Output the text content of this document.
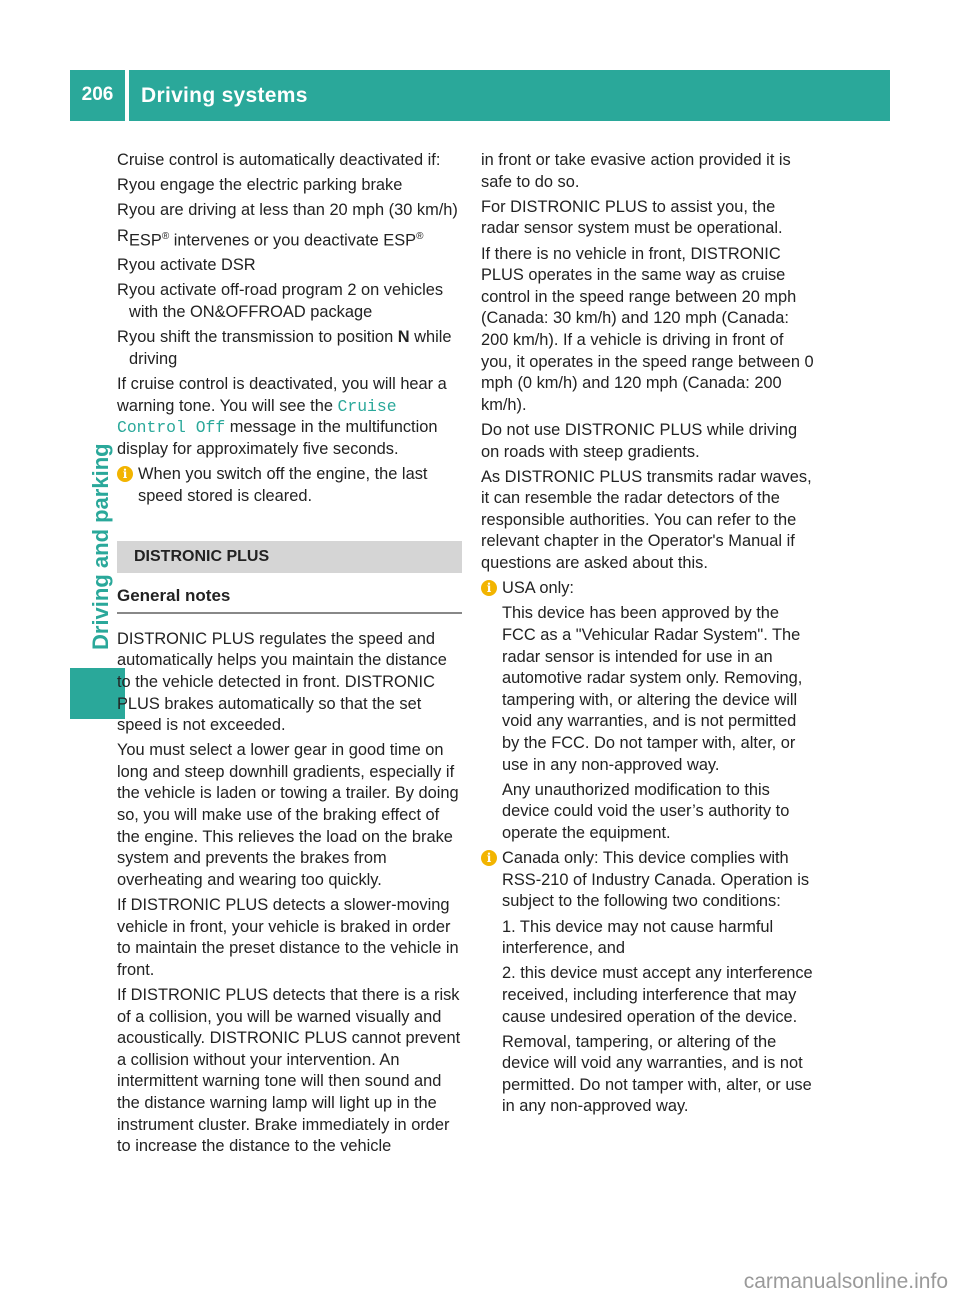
206	Driving systems
Driving and parking

Cruise control is automatically deactivated if:

R you engage the electric parking brake
R you are driving at less than 20 mph (30 km/h)
R ESP® intervenes or you deactivate ESP®
R you activate DSR
R you activate off-road program 2 on vehicles with the ON&OFFROAD package
R you shift the transmission to position N while driving

If cruise control is deactivated, you will hear a warning tone. You will see the Cruise Control Off message in the multifunction display for approximately five seconds.

i When you switch off the engine, the last speed stored is cleared.
DISTRONIC PLUS
General notes

DISTRONIC PLUS regulates the speed and automatically helps you maintain the distance to the vehicle detected in front. DISTRONIC PLUS brakes automatically so that the set speed is not exceeded.

You must select a lower gear in good time on long and steep downhill gradients, especially if the vehicle is laden or towing a trailer. By doing so, you will make use of the braking effect of the engine. This relieves the load on the brake system and prevents the brakes from overheating and wearing too quickly.

If DISTRONIC PLUS detects a slower-moving vehicle in front, your vehicle is braked in order to maintain the preset distance to the vehicle in front.

If DISTRONIC PLUS detects that there is a risk of a collision, you will be warned visually and acoustically. DISTRONIC PLUS cannot prevent a collision without your intervention. An intermittent warning tone will then sound and the distance warning lamp will light up in the instrument cluster. Brake immediately in order to increase the distance to the vehicle

in front or take evasive action provided it is safe to do so.

For DISTRONIC PLUS to assist you, the radar sensor system must be operational.

If there is no vehicle in front, DISTRONIC PLUS operates in the same way as cruise control in the speed range between 20 mph (Canada: 30 km/h) and 120 mph (Canada: 200 km/h). If a vehicle is driving in front of you, it operates in the speed range between 0 mph (0 km/h) and 120 mph (Canada: 200 km/h).

Do not use DISTRONIC PLUS while driving on roads with steep gradients.

As DISTRONIC PLUS transmits radar waves, it can resemble the radar detectors of the responsible authorities. You can refer to the relevant chapter in the Operator's Manual if questions are asked about this.

i USA only:

This device has been approved by the FCC as a "Vehicular Radar System". The radar sensor is intended for use in an automotive radar system only. Removing, tampering with, or altering the device will void any warranties, and is not permitted by the FCC. Do not tamper with, alter, or use in any non-approved way.

Any unauthorized modification to this device could void the user’s authority to operate the equipment.

i Canada only: This device complies with RSS-210 of Industry Canada. Operation is subject to the following two conditions:

1. This device may not cause harmful interference, and

2. this device must accept any interference received, including interference that may cause undesired operation of the device.

Removal, tampering, or altering of the device will void any warranties, and is not permitted. Do not tamper with, alter, or use in any non-approved way.

carmanualsonline.info
